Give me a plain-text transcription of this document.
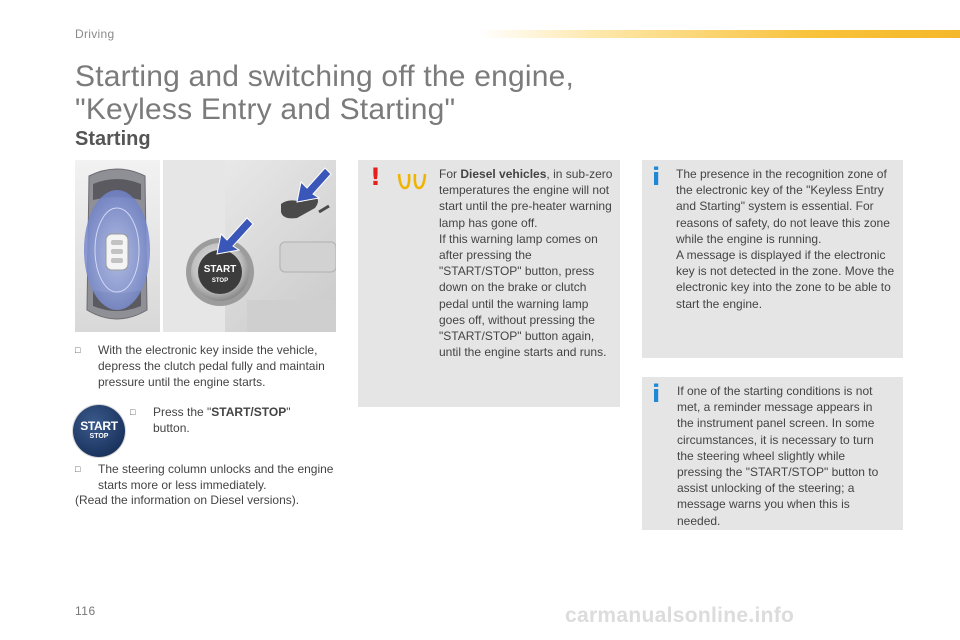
Driving
Starting and switching off the engine,
"Keyless Entry and Starting"
Starting
START
STOP
□	With the electronic key inside the vehicle, depress the clutch pedal fully and maintain pressure until the engine starts.
START
STOP
□	Press the "START/STOP" button.
□	The steering column unlocks and the engine starts more or less immediately.
(Read the information on Diesel versions).
!	For Diesel vehicles, in sub-zero temperatures the engine will not start until the pre-heater warning lamp has gone off.
If this warning lamp comes on after pressing the "START/STOP" button, press down on the brake or clutch pedal until the warning lamp goes off, without pressing the "START/STOP" button again, until the engine starts and runs.
i The presence in the recognition zone of the electronic key of the "Keyless Entry and Starting" system is essential. For reasons of safety, do not leave this zone while the engine is running.
A message is displayed if the electronic key is not detected in the zone. Move the electronic key into the zone to be able to start the engine.
i If one of the starting conditions is not met, a reminder message appears in the instrument panel screen. In some circumstances, it is necessary to turn the steering wheel slightly while pressing the "START/STOP" button to assist unlocking of the steering; a message warns you when this is needed.
116	carmanualsonline.info
